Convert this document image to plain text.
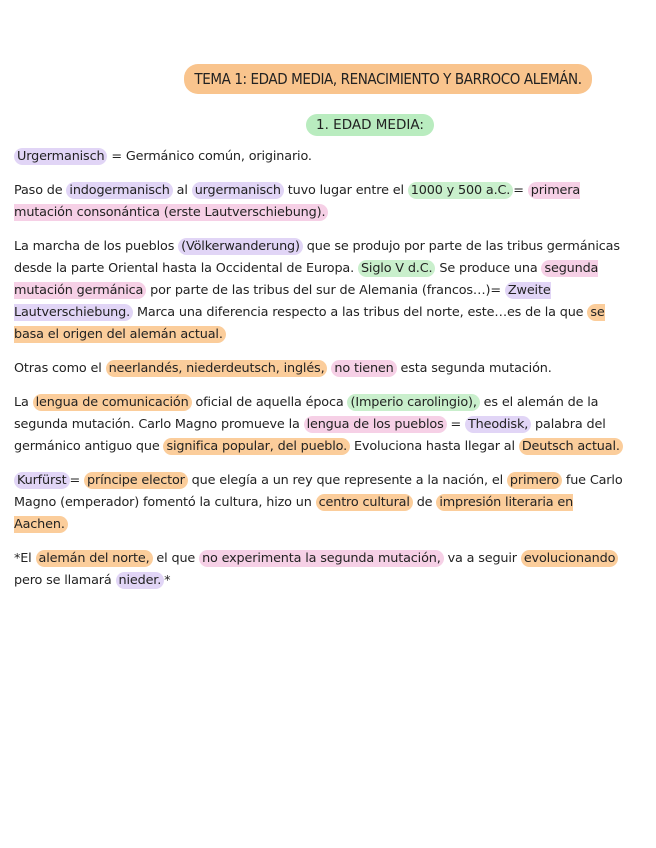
TEMA 1: EDAD MEDIA, RENACIMIENTO Y BARROCO ALEMÁN.
1. EDAD MEDIA:

Urgermanisch = Germánico común, originario.

Paso de indogermanisch al urgermanisch tuvo lugar entre el 1000 y 500 a.C. = primera mutación consonántica (erste Lautverschiebung).

La marcha de los pueblos (Völkerwanderung) que se produjo por parte de las tribus germánicas desde la parte Oriental hasta la Occidental de Europa. Siglo V d.C. Se produce una segunda mutación germánica por parte de las tribus del sur de Alemania (francos…)= Zweite Lautverschiebung. Marca una diferencia respecto a las tribus del norte, este…es de la que se basa el origen del alemán actual.

Otras como el neerlandés, niederdeutsch, inglés, no tienen esta segunda mutación.

La lengua de comunicación oficial de aquella época (Imperio carolingio), es el alemán de la segunda mutación. Carlo Magno promueve la lengua de los pueblos = Theodisk, palabra del germánico antiguo que significa popular, del pueblo. Evoluciona hasta llegar al Deutsch actual.

Kurfürst = príncipe elector que elegía a un rey que represente a la nación, el primero fue Carlo Magno (emperador) fomentó la cultura, hizo un centro cultural de impresión literaria en Aachen.

*El alemán del norte, el que no experimenta la segunda mutación, va a seguir evolucionando pero se llamará nieder. *
